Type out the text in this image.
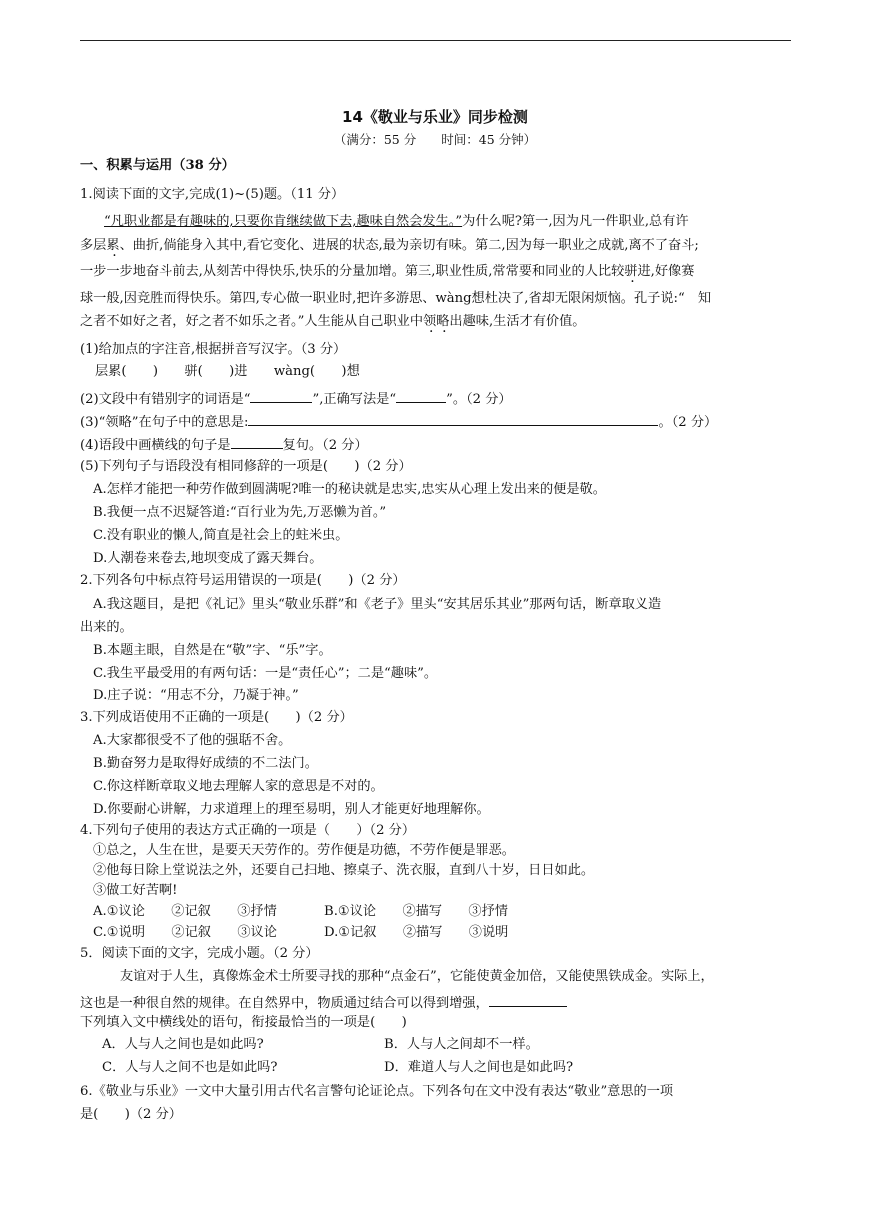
14《敬业与乐业》同步检测
（满分：55 分　　时间：45 分钟）
一、积累与运用（38 分）
1.阅读下面的文字,完成(1)~(5)题。（11 分）
“凡职业都是有趣味的,只要你肯继续做下去,趣味自然会发生。”为什么呢?第一,因为凡一件职业,总有许
多层累、曲折,倘能身入其中,看它变化、进展的状态,最为亲切有味。第二,因为每一职业之成就,离不了奋斗;
一步一步地奋斗前去,从刻苦中得快乐,快乐的分量加增。第三,职业性质,常常要和同业的人比较骈进,好像赛
球一般,因竞胜而得快乐。第四,专心做一职业时,把许多游思、wàng想杜决了,省却无限闲烦恼。孔子说:“　知
之者不如好之者，好之者不如乐之者。”人生能从自己职业中领略出趣味,生活才有价值。
(1)给加点的字注音,根据拼音写汉字。（3 分）
层累(　　)　　骈(　　)进　　wàng(　　)想
(2)文段中有错别字的词语是“	”,正确写法是“	”。（2 分）
(3)“领略”在句子中的意思是:	。（2 分）
(4)语段中画横线的句子是	复句。（2 分）
(5)下列句子与语段没有相同修辞的一项是(　　)（2 分）
A.怎样才能把一种劳作做到圆满呢?唯一的秘诀就是忠实,忠实从心理上发出来的便是敬。
B.我便一点不迟疑答道:“百行业为先,万恶懒为首。”
C.没有职业的懒人,简直是社会上的蛀米虫。
D.人潮卷来卷去,地坝变成了露天舞台。
2.下列各句中标点符号运用错误的一项是(　　)（2 分）
A.我这题目，是把《礼记》里头“敬业乐群”和《老子》里头“安其居乐其业”那两句话，断章取义造
出来的。
B.本题主眼，自然是在“敬”字、“乐”字。
C.我生平最受用的有两句话：一是“责任心”；二是“趣味”。
D.庄子说：“用志不分，乃凝于神。”
3.下列成语使用不正确的一项是(　　)（2 分）
A.大家都很受不了他的强聒不舍。
B.勤奋努力是取得好成绩的不二法门。
C.你这样断章取义地去理解人家的意思是不对的。
D.你要耐心讲解，力求道理上的理至易明，别人才能更好地理解你。
4.下列句子使用的表达方式正确的一项是（　　）（2 分）
①总之，人生在世，是要天天劳作的。劳作便是功德，不劳作便是罪恶。
②他每日除上堂说法之外，还要自己扫地、擦桌子、洗衣服，直到八十岁，日日如此。
③做工好苦啊!
A.①议论　　②记叙　　③抒情	B.①议论　　②描写　　③抒情
C.①说明　　②记叙　　③议论	D.①记叙　　②描写　　③说明
5．阅读下面的文字，完成小题。（2 分）
友谊对于人生，真像炼金术士所要寻找的那种“点金石”，它能使黄金加倍，又能使黑铁成金。实际上，
这也是一种很自然的规律。在自然界中，物质通过结合可以得到增强，
下列填入文中横线处的语句，衔接最恰当的一项是(　　)
A．人与人之间也是如此吗?	B．人与人之间却不一样。
C．人与人之间不也是如此吗?	D．难道人与人之间也是如此吗?
6.《敬业与乐业》一文中大量引用古代名言警句论证论点。下列各句在文中没有表达“敬业”意思的一项
是(　　)（2 分）
